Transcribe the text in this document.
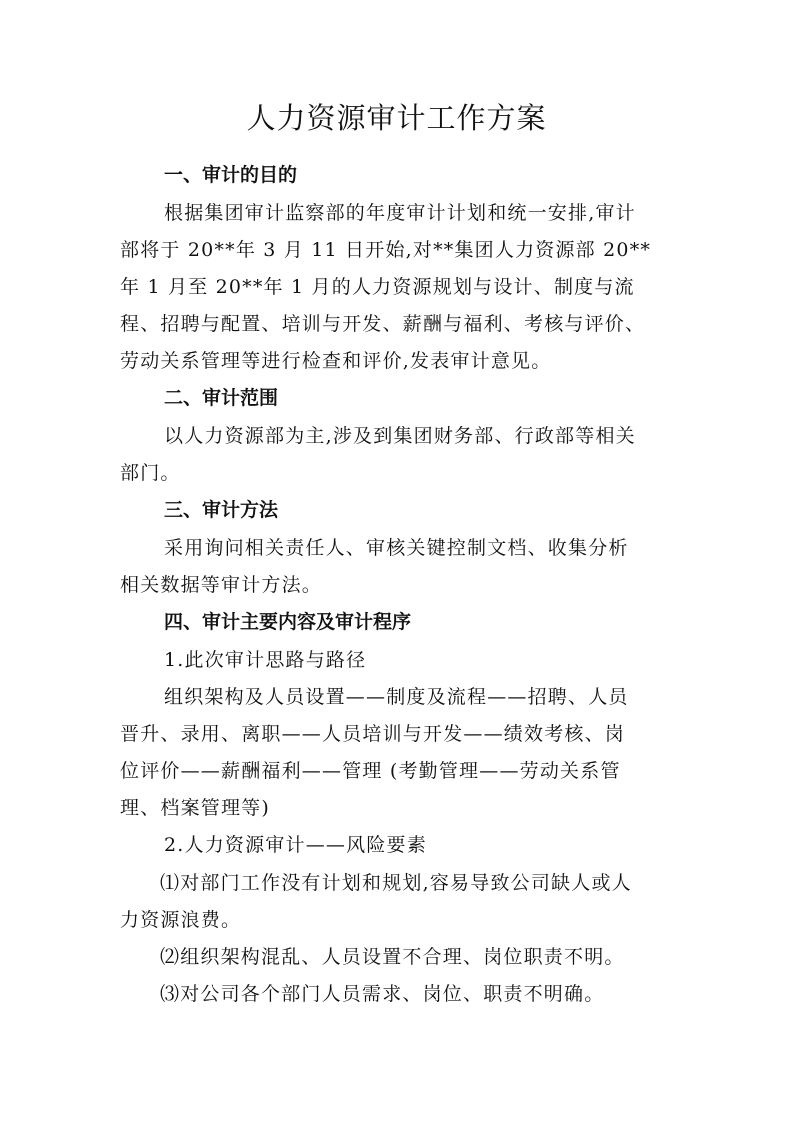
人力资源审计工作方案
一、审计的目的
根据集团审计监察部的年度审计计划和统一安排,审计
部将于 20**年 3 月 11 日开始,对**集团人力资源部 20**
年 1 月至 20**年 1 月的人力资源规划与设计、制度与流
程、招聘与配置、培训与开发、薪酬与福利、考核与评价、
劳动关系管理等进行检查和评价,发表审计意见。
二、审计范围
以人力资源部为主,涉及到集团财务部、行政部等相关
部门。
三、审计方法
采用询问相关责任人、审核关键控制文档、收集分析
相关数据等审计方法。
四、审计主要内容及审计程序
1.此次审计思路与路径
组织架构及人员设置——制度及流程——招聘、人员
晋升、录用、离职——人员培训与开发——绩效考核、岗
位评价——薪酬福利——管理 (考勤管理——劳动关系管
理、档案管理等)
2.人力资源审计——风险要素
⑴对部门工作没有计划和规划,容易导致公司缺人或人
力资源浪费。
⑵组织架构混乱、人员设置不合理、岗位职责不明。
⑶对公司各个部门人员需求、岗位、职责不明确。
